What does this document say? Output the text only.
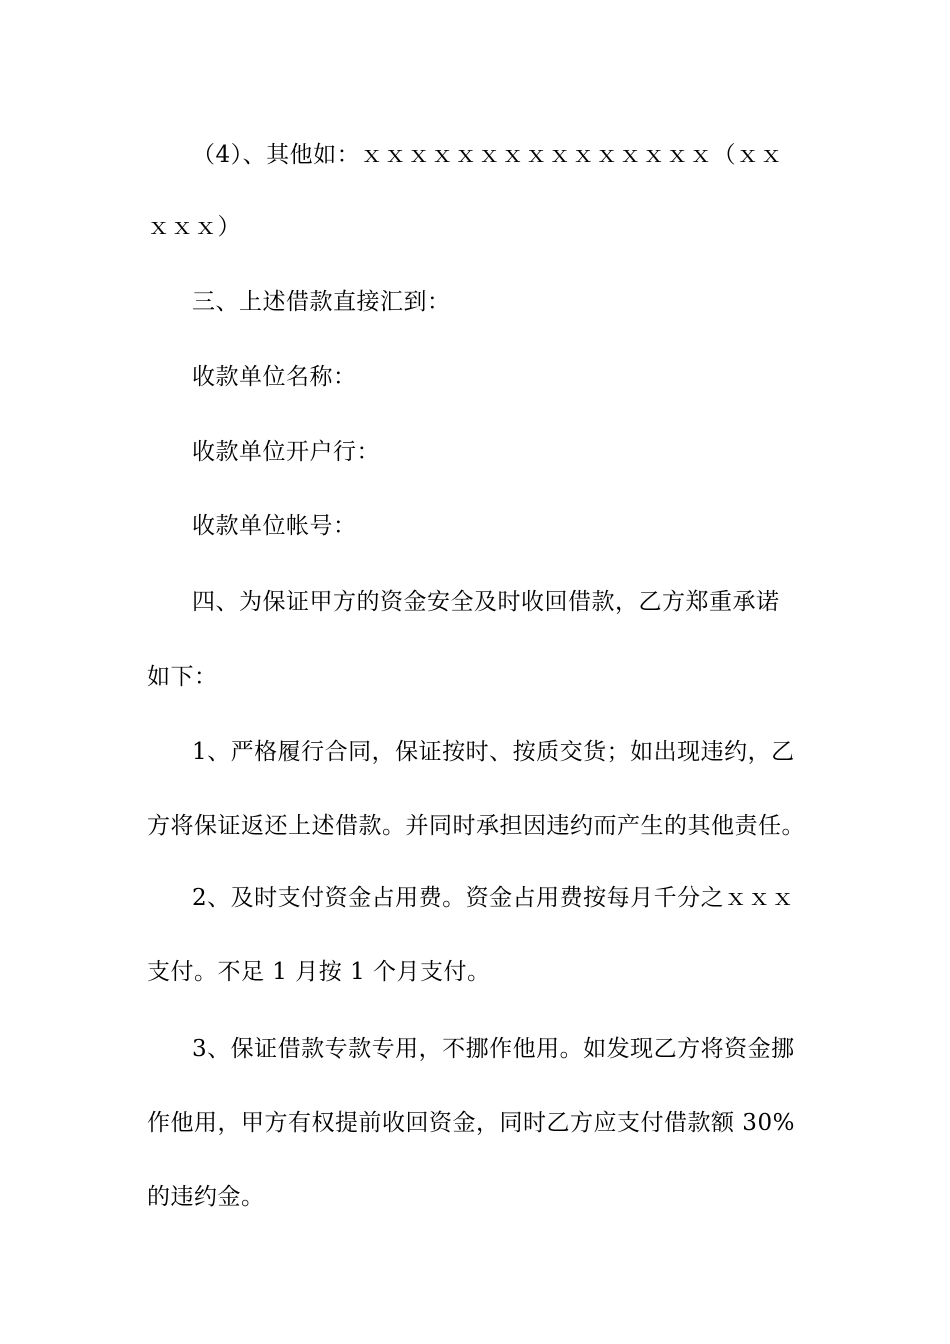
（4）、其他如：ｘｘｘｘｘｘｘｘｘｘｘｘｘｘｘ（ｘｘ
ｘｘｘ）
三、上述借款直接汇到：
收款单位名称：
收款单位开户行：
收款单位帐号：
四、为保证甲方的资金安全及时收回借款，乙方郑重承诺
如下：
1、严格履行合同，保证按时、按质交货；如出现违约，乙
方将保证返还上述借款。并同时承担因违约而产生的其他责任。
2、及时支付资金占用费。资金占用费按每月千分之ｘｘｘ
支付。不足 1 月按 1 个月支付。
3、保证借款专款专用，不挪作他用。如发现乙方将资金挪
作他用，甲方有权提前收回资金，同时乙方应支付借款额 30%
的违约金。
